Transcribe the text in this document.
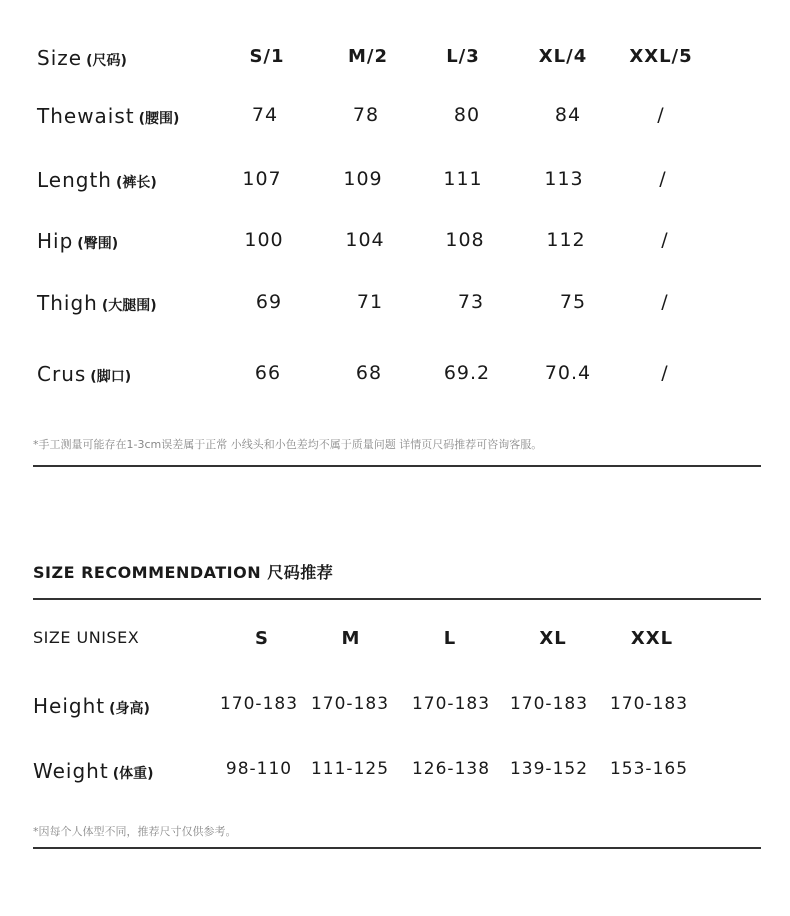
Size (尺码)	S/1	M/2	L/3	XL/4	XXL/5
Thewaist (腰围)	74	78	80	84	/
Length (裤长)	107	109	111	113	/
Hip (臀围)	100	104	108	112	/
Thigh (大腿围)	69	71	73	75	/
Crus (脚口)	66	68	69.2	70.4	/
*手工测量可能存在1-3cm误差属于正常 小线头和小色差均不属于质量问题 详情页尺码推荐可咨询客服。
SIZE RECOMMENDATION 尺码推荐
SIZE UNISEX	S	M	L	XL	XXL
Height (身高)	170-183 170-183 170-183 170-183 170-183
Weight (体重)	98-110	111-125 126-138 139-152 153-165
*因每个人体型不同，推荐尺寸仅供参考。
